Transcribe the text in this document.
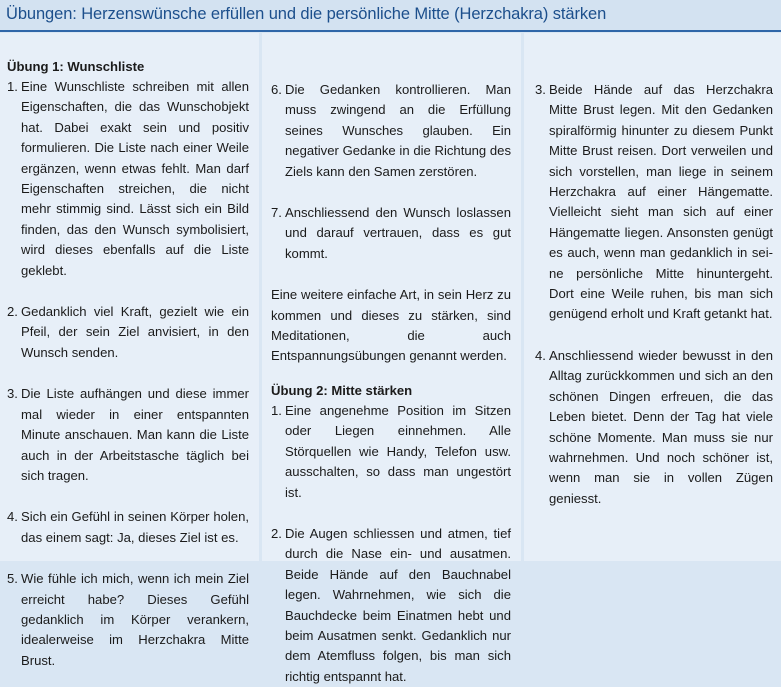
Übungen: Herzenswünsche erfüllen und die persönliche Mitte (Herzchakra) stärken

Übung 1: Wunschliste

1. Eine Wunschliste schreiben mit allen Eigenschaften, die das Wunschobjekt hat. Dabei exakt sein und positiv formulieren. Die Liste nach einer Weile ergänzen, wenn etwas fehlt. Man darf Eigenschaften streichen, die nicht mehr stimmig sind. Lässt sich ein Bild finden, das den Wunsch symbolisiert, wird dieses ebenfalls auf die Liste geklebt.
2. Gedanklich viel Kraft, gezielt wie ein Pfeil, der sein Ziel anvisiert, in den Wunsch senden.
3. Die Liste aufhängen und diese immer mal wieder in einer entspannten Minute anschauen. Man kann die Liste auch in der Arbeitstasche täglich bei sich tragen.
4. Sich ein Gefühl in seinen Körper holen, das einem sagt: Ja, dieses Ziel ist es.
5. Wie fühle ich mich, wenn ich mein Ziel erreicht habe? Dieses Gefühl gedanklich im Körper verankern, idealerweise im Herzchakra Mitte Brust.
6. Die Gedanken kontrollieren. Man muss zwingend an die Erfüllung seines Wunsches glauben. Ein negativer Gedanke in die Richtung des Ziels kann den Samen zerstören.
7. Anschliessend den Wunsch loslassen und darauf vertrauen, dass es gut kommt.

Eine weitere einfache Art, in sein Herz zu kommen und dieses zu stärken, sind Meditationen, die auch Entspannungsübungen genannt werden.

Übung 2: Mitte stärken

1. Eine angenehme Position im Sitzen oder Liegen einnehmen. Alle Störquellen wie Handy, Telefon usw. ausschalten, so dass man ungestört ist.
2. Die Augen schliessen und atmen, tief durch die Nase ein- und ausatmen. Beide Hände auf den Bauchnabel legen. Wahrnehmen, wie sich die Bauchdecke beim Einatmen hebt und beim Ausatmen senkt. Gedanklich nur dem Atemfluss folgen, bis man sich richtig entspannt hat.
3. Beide Hände auf das Herzchakra Mitte Brust legen. Mit den Gedanken spiralförmig hinunter zu diesem Punkt Mitte Brust reisen. Dort verweilen und sich vorstellen, man liege in seinem Herzchakra auf einer Hängematte. Vielleicht sieht man sich auf einer Hängematte liegen. Ansonsten genügt es auch, wenn man gedanklich in seine persönliche Mitte hinuntergeht. Dort eine Weile ruhen, bis man sich genügend erholt und Kraft getankt hat.
4. Anschliessend wieder bewusst in den Alltag zurückkommen und sich an den schönen Dingen erfreuen, die das Leben bietet. Denn der Tag hat viele schöne Momente. Man muss sie nur wahrnehmen. Und noch schöner ist, wenn man sie in vollen Zügen geniesst.
